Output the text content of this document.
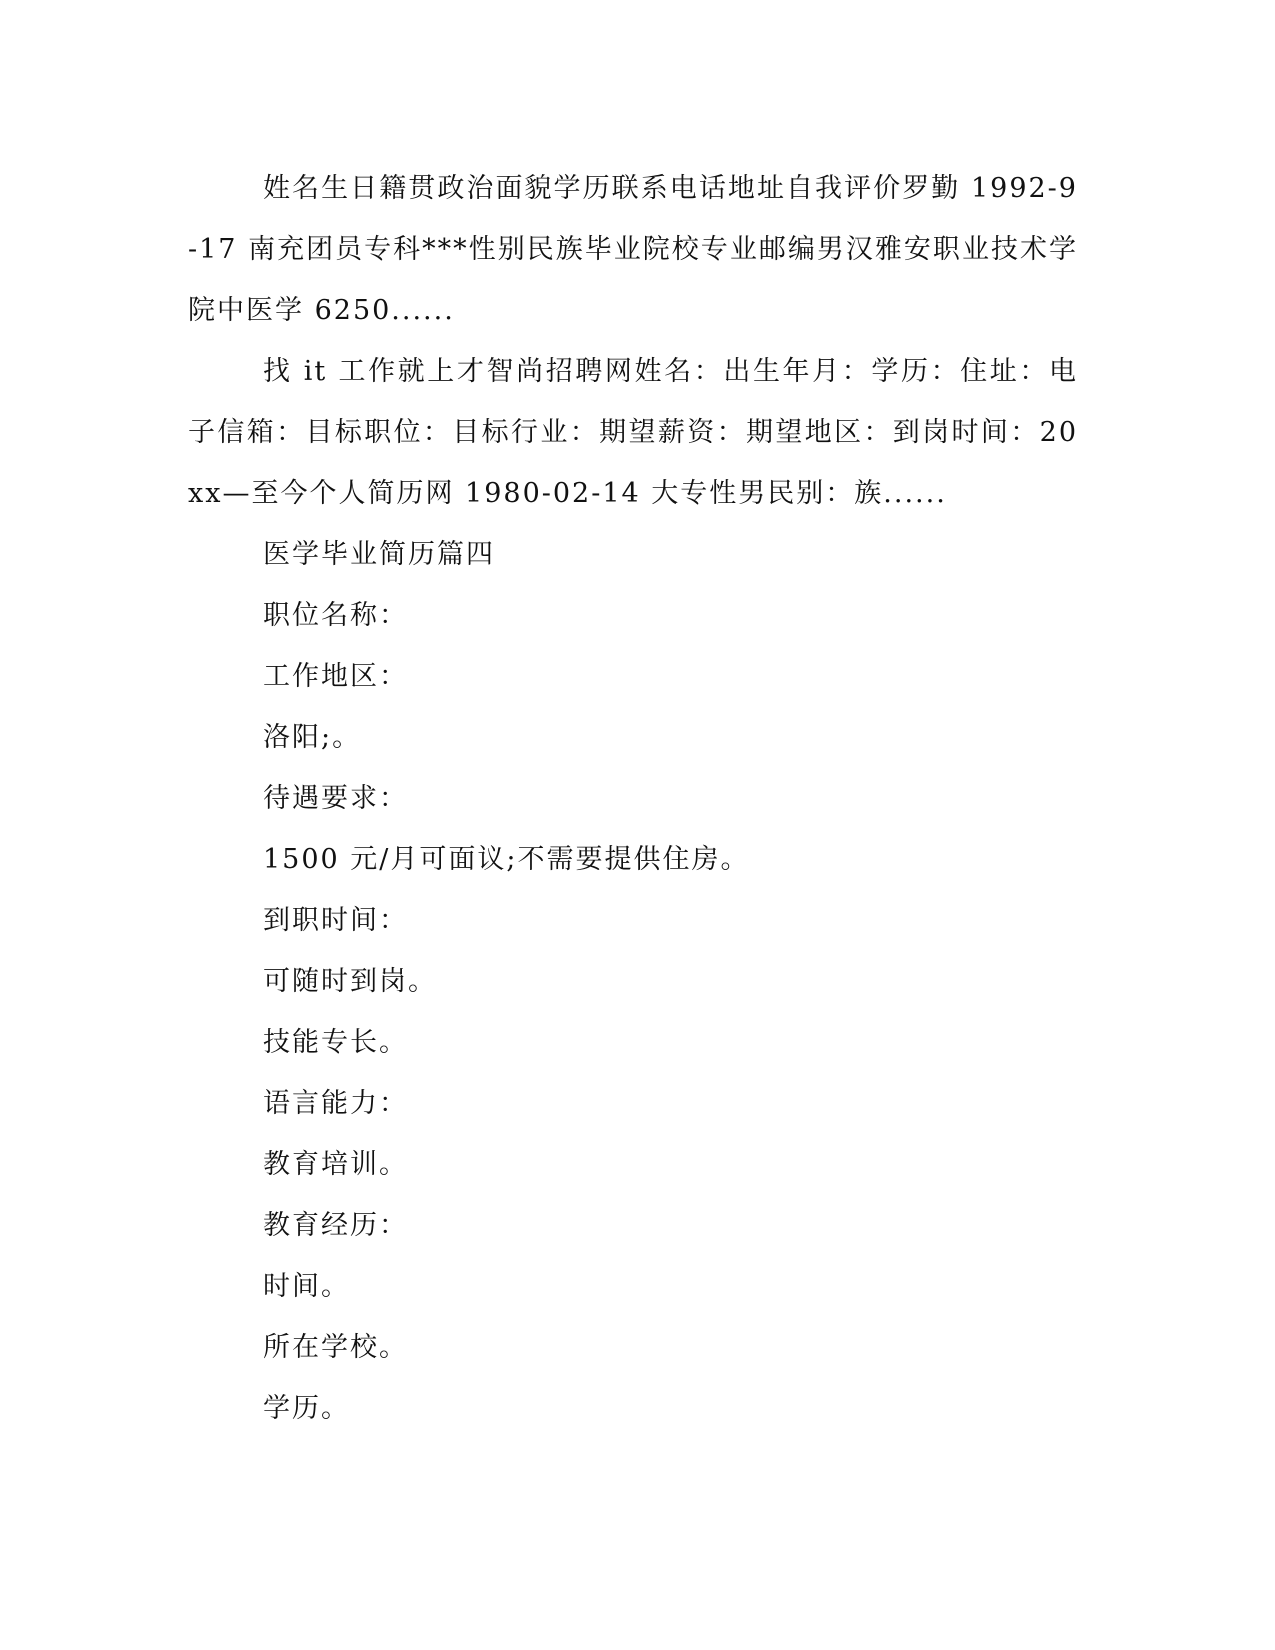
姓名生日籍贯政治面貌学历联系电话地址自我评价罗勤 1992-9-17 南充团员专科***性别民族毕业院校专业邮编男汉雅安职业技术学院中医学 6250......

找 it 工作就上才智尚招聘网姓名：出生年月：学历：住址：电子信箱：目标职位：目标行业：期望薪资：期望地区：到岗时间：20xx—至今个人简历网 1980-02-14 大专性男民别：族......

医学毕业简历篇四

职位名称：

工作地区：

洛阳;。

待遇要求：

1500 元/月可面议;不需要提供住房。

到职时间：

可随时到岗。

技能专长。

语言能力：

教育培训。

教育经历：

时间。

所在学校。

学历。
